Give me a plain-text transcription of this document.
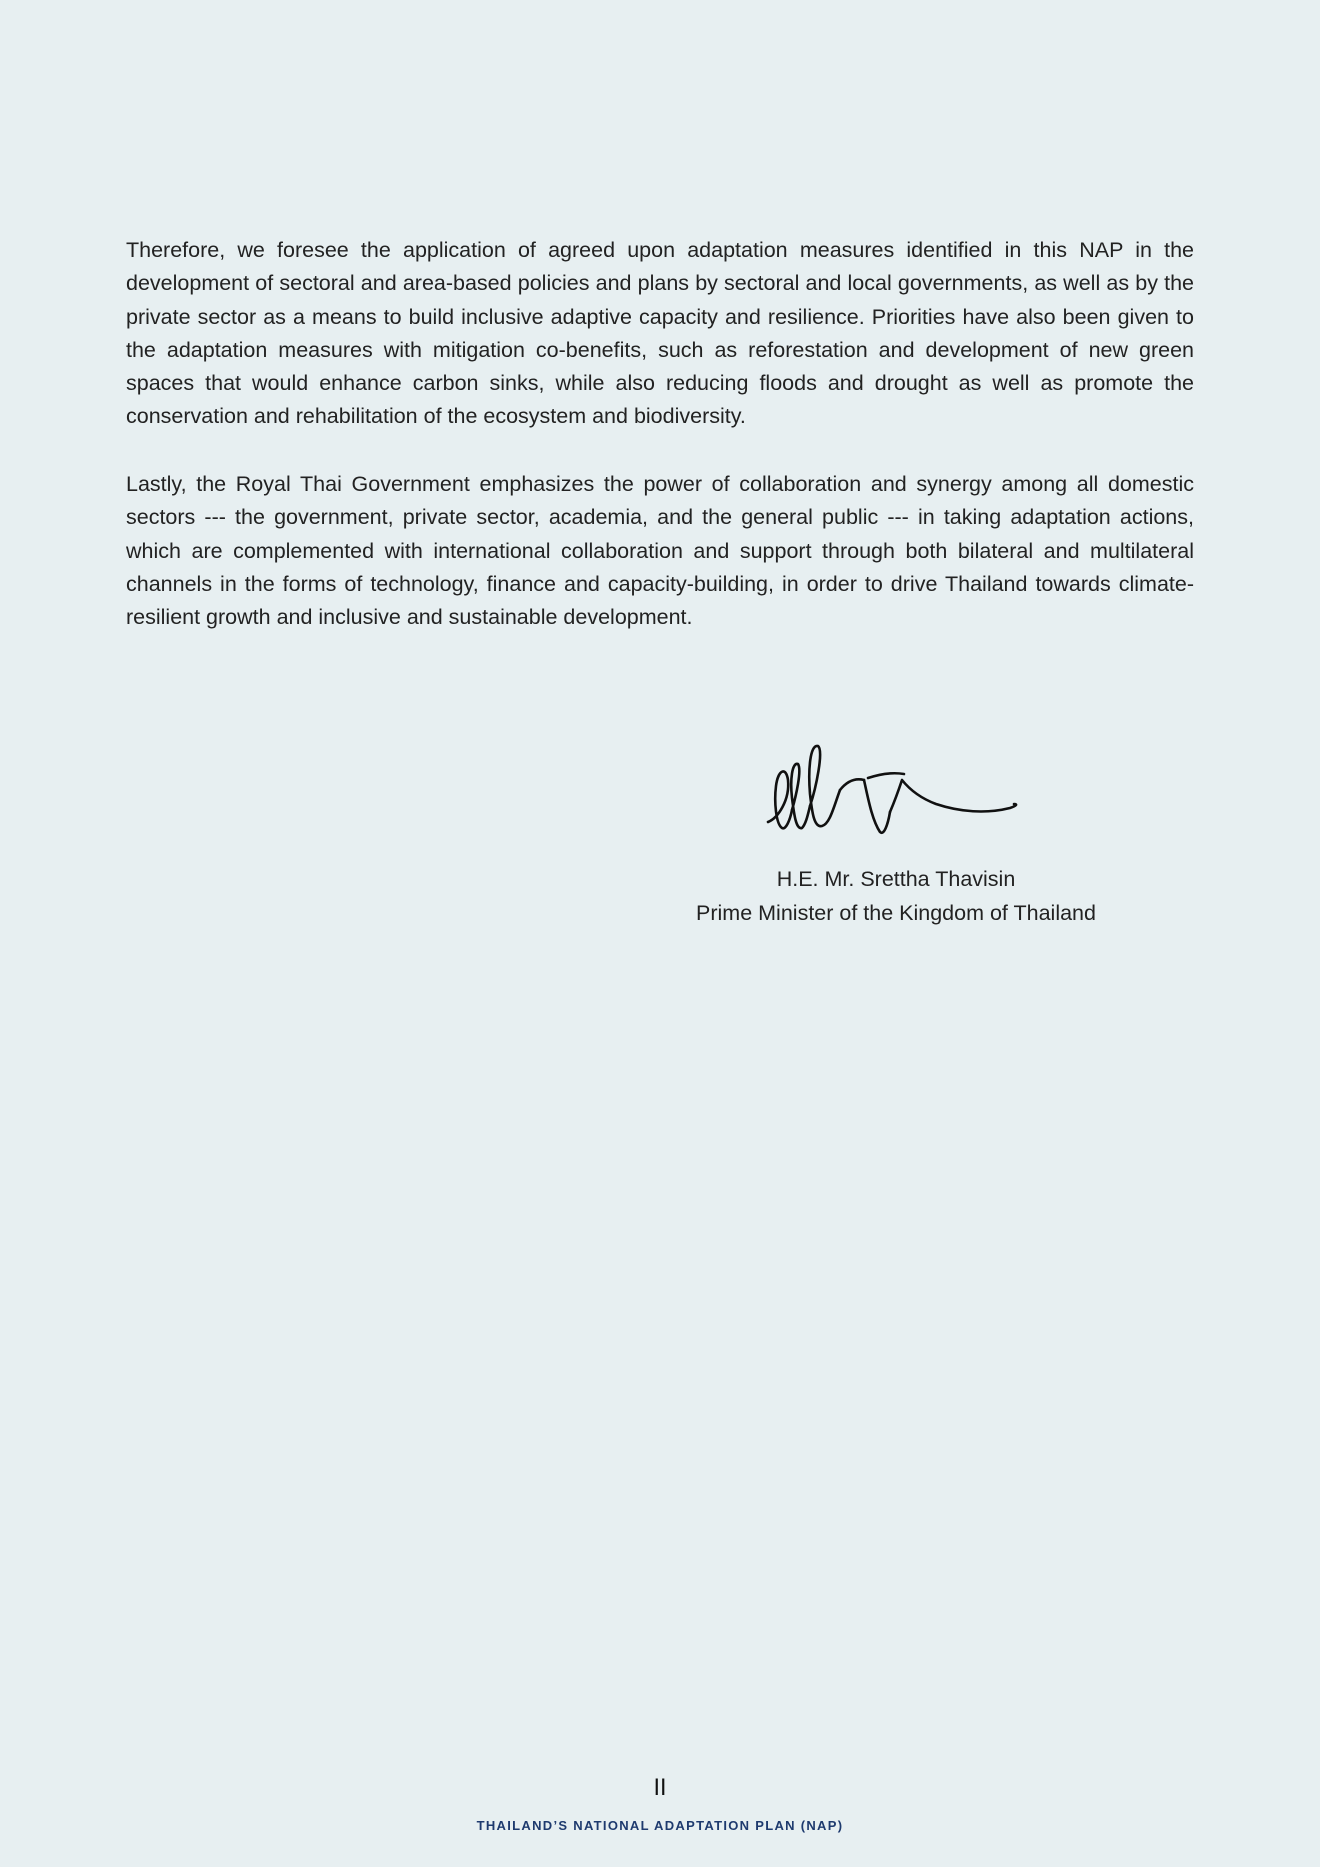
Therefore, we foresee the application of agreed upon adaptation measures identified in this NAP in the development of sectoral and area-based policies and plans by sectoral and local governments, as well as by the private sector as a means to build inclusive adaptive capacity and resilience. Priorities have also been given to the adaptation measures with mitigation co-benefits, such as reforestation and development of new green spaces that would enhance carbon sinks, while also reducing floods and drought as well as promote the conservation and rehabilitation of the ecosystem and biodiversity.

Lastly, the Royal Thai Government emphasizes the power of collaboration and synergy among all domestic sectors --- the government, private sector, academia, and the general public --- in taking adaptation actions, which are complemented with international collaboration and support through both bilateral and multilateral channels in the forms of technology, finance and capacity-building, in order to drive Thailand towards climate-resilient growth and inclusive and sustainable development.

H.E. Mr. Srettha Thavisin
Prime Minister of the Kingdom of Thailand
II
THAILAND’S NATIONAL ADAPTATION PLAN (NAP)
